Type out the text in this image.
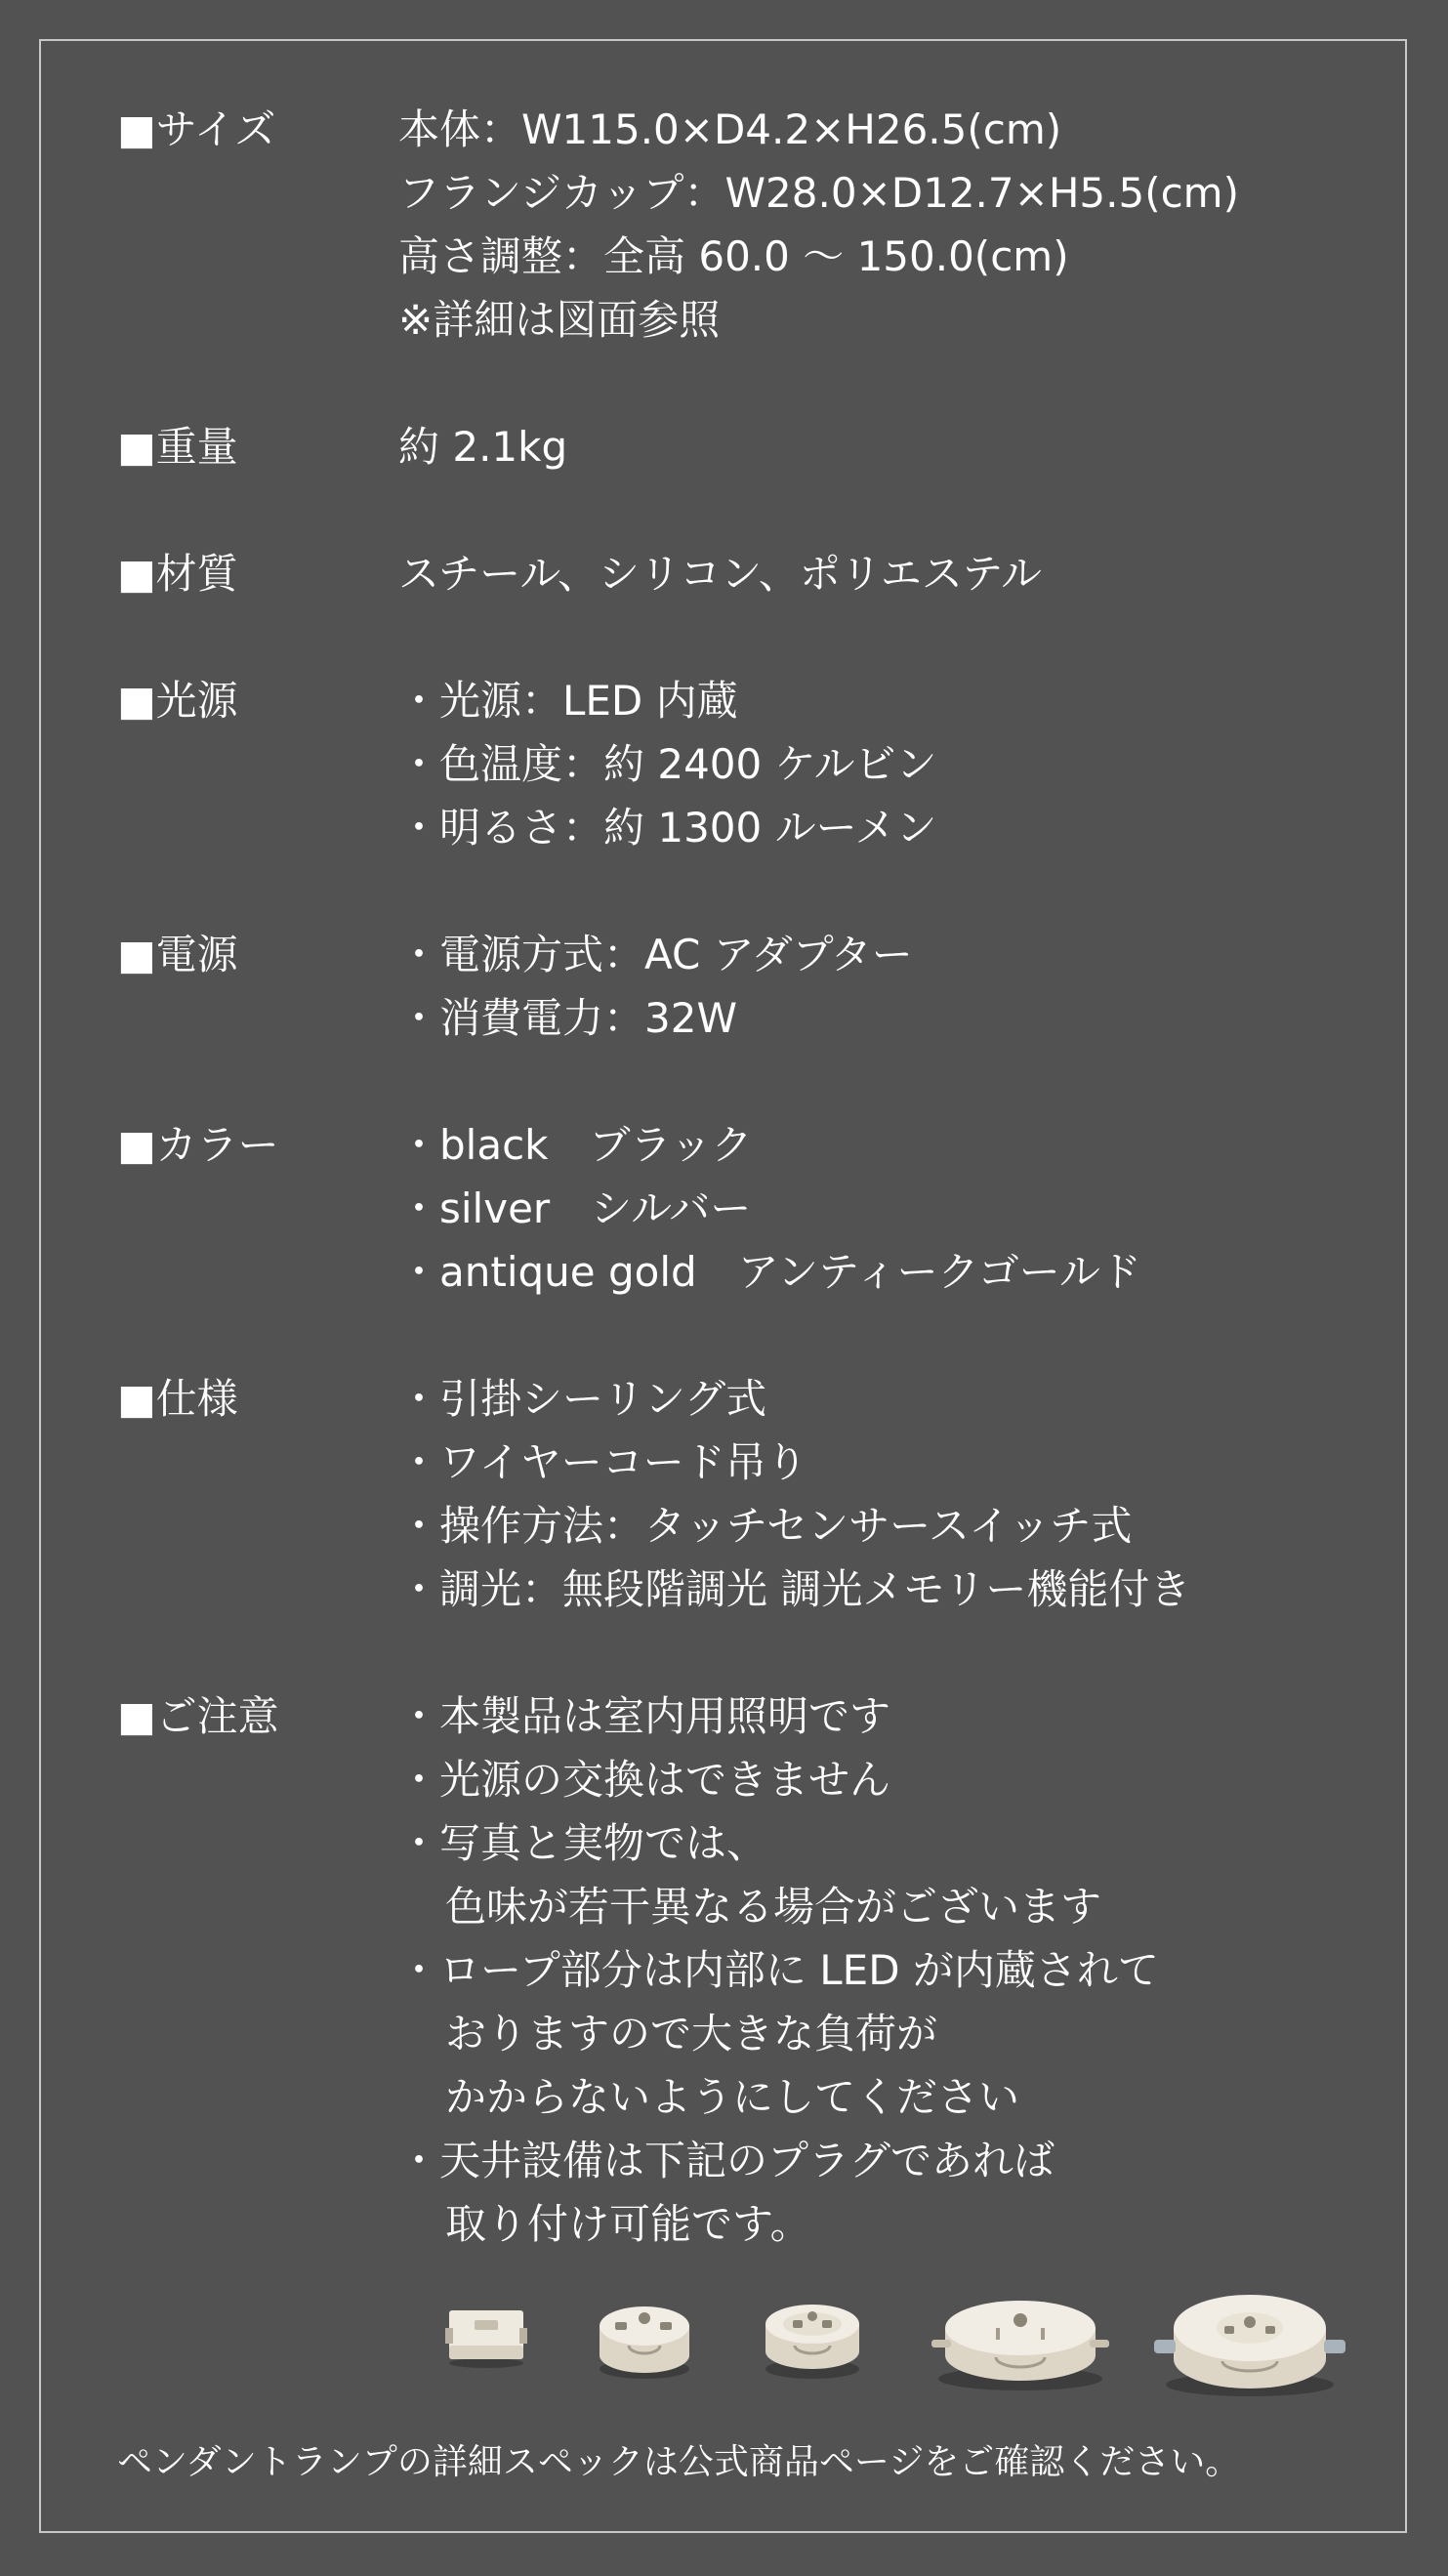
■サイズ	本体：W115.0×D4.2×H26.5(cm)
フランジカップ：W28.0×D12.7×H5.5(cm)
高さ調整：全高 60.0 〜 150.0(cm)
※詳細は図面参照
■重量	約 2.1kg
■材質	スチール、シリコン、ポリエステル
■光源	・光源：LED 内蔵
・色温度：約 2400 ケルビン
・明るさ：約 1300 ルーメン
■電源	・電源方式：AC アダプター
・消費電力：32W
■カラー	・black　ブラック
・silver　シルバー
・antique gold　アンティークゴールド
■仕様	・引掛シーリング式
・ワイヤーコード吊り
・操作方法：タッチセンサースイッチ式
・調光：無段階調光 調光メモリー機能付き
■ご注意	・本製品は室内用照明です
・光源の交換はできません
・写真と実物では、
色味が若干異なる場合がございます
・ロープ部分は内部に LED が内蔵されて
おりますので大きな負荷が
かからないようにしてください
・天井設備は下記のプラグであれば
取り付け可能です。
ペンダントランプの詳細スペックは公式商品ページをご確認ください。
